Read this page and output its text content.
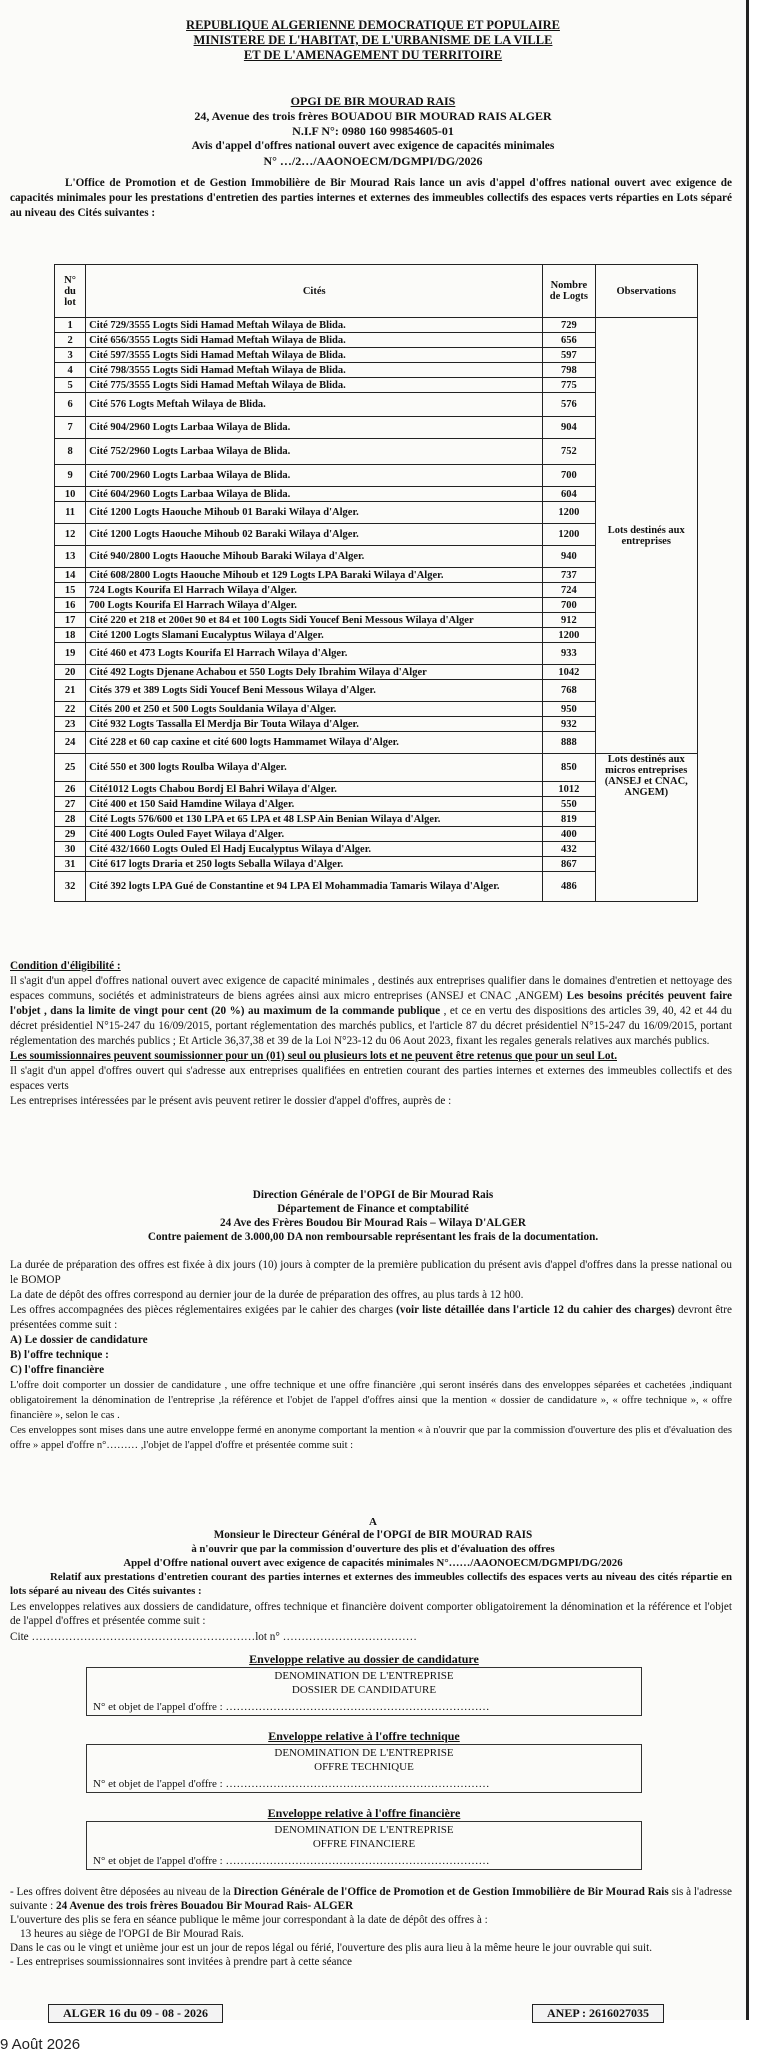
REPUBLIQUE ALGERIENNE DEMOCRATIQUE ET POPULAIRE
MINISTERE DE L'HABITAT, DE L'URBANISME DE LA VILLE
ET DE L'AMENAGEMENT DU TERRITOIRE
OPGI DE BIR MOURAD RAIS
24, Avenue des trois frères BOUADOU BIR MOURAD RAIS ALGER
N.I.F N°: 0980 160 99854605-01
Avis d'appel d'offres national ouvert avec exigence de capacités minimales
N° …/2…/AAONOECM/DGMPI/DG/2026
L'Office de Promotion et de Gestion Immobilière de Bir Mourad Rais lance un avis d'appel d'offres national ouvert avec exigence de capacités minimales pour les prestations d'entretien des parties internes et externes des immeubles collectifs des espaces verts réparties en Lots séparé au niveau des Cités suivantes :
N° du lot	Cités	Nombre de Logts	Observations
1	Cité 729/3555 Logts Sidi Hamad Meftah Wilaya de Blida.	729	Lots destinés aux entreprises
2	Cité 656/3555 Logts Sidi Hamad Meftah Wilaya de Blida.	656	
3	Cité 597/3555 Logts Sidi Hamad Meftah Wilaya de Blida.	597	
4	Cité 798/3555 Logts Sidi Hamad Meftah Wilaya de Blida.	798	
5	Cité 775/3555 Logts Sidi Hamad Meftah Wilaya de Blida.	775	
6	Cité 576 Logts Meftah Wilaya de Blida.	576	
7	Cité 904/2960 Logts Larbaa Wilaya de Blida.	904	
8	Cité 752/2960 Logts Larbaa Wilaya de Blida.	752	
9	Cité 700/2960 Logts Larbaa Wilaya de Blida.	700	
10	Cité 604/2960 Logts Larbaa Wilaya de Blida.	604	
11	Cité 1200 Logts Haouche Mihoub 01 Baraki Wilaya d'Alger.	1200	
12	Cité 1200 Logts Haouche Mihoub 02 Baraki Wilaya d'Alger.	1200	
13	Cité 940/2800 Logts Haouche Mihoub Baraki Wilaya d'Alger.	940	
14	Cité 608/2800 Logts Haouche Mihoub et 129 Logts LPA Baraki Wilaya d'Alger.	737	
15	724 Logts Kourifa El Harrach Wilaya d'Alger.	724	
16	700 Logts Kourifa El Harrach Wilaya d'Alger.	700	
17	Cité 220 et 218 et 200et 90 et 84 et 100 Logts Sidi Youcef Beni Messous Wilaya d'Alger	912	
18	Cité 1200 Logts Slamani Eucalyptus Wilaya d'Alger.	1200	
19	Cité 460 et 473 Logts Kourifa El Harrach Wilaya d'Alger.	933	
20	Cité 492 Logts Djenane Achabou et 550 Logts Dely Ibrahim Wilaya d'Alger	1042	
21	Cités 379 et 389 Logts Sidi Youcef Beni Messous Wilaya d'Alger.	768	
22	Cités 200 et 250 et 500 Logts Souldania Wilaya d'Alger.	950	
23	Cité 932 Logts Tassalla El Merdja Bir Touta Wilaya d'Alger.	932	
24	Cité 228 et 60 cap caxine et cité 600 logts Hammamet Wilaya d'Alger.	888	
25	Cité 550 et 300 logts Roulba Wilaya d'Alger.	850	Lots destinés aux micros entreprises (ANSEJ et CNAC, ANGEM)
26	Cité1012 Logts Chabou Bordj El Bahri Wilaya d'Alger.	1012	
27	Cité 400 et 150 Said Hamdine Wilaya d'Alger.	550	
28	Cité Logts 576/600 et 130 LPA et 65 LPA et 48 LSP Ain Benian Wilaya d'Alger.	819	
29	Cité 400 Logts Ouled Fayet Wilaya d'Alger.	400	
30	Cité 432/1660 Logts Ouled El Hadj Eucalyptus Wilaya d'Alger.	432	
31	Cité 617 logts Draria et 250 logts Seballa Wilaya d'Alger.	867	
32	Cité 392 logts LPA Gué de Constantine et 94 LPA El Mohammadia Tamaris Wilaya d'Alger.	486	
Condition d'éligibilité :
Il s'agit d'un appel d'offres national ouvert avec exigence de capacité minimales , destinés aux entreprises qualifier dans le domaines d'entretien et nettoyage des espaces communs, sociétés et administrateurs de biens agrées ainsi aux micro entreprises (ANSEJ et CNAC ,ANGEM) Les besoins précités peuvent faire l'objet , dans la limite de vingt pour cent (20 %) au maximum de la commande publique , et ce en vertu des dispositions des articles 39, 40, 42 et 44 du décret présidentiel N°15-247 du 16/09/2015, portant réglementation des marchés publics, et l'article 87 du décret présidentiel N°15-247 du 16/09/2015, portant réglementation des marchés publics ; Et Article 36,37,38 et 39 de la Loi N°23-12 du 06 Aout 2023, fixant les regales generals relatives aux marchés publics.
Les soumissionnaires peuvent soumissionner pour un (01) seul ou plusieurs lots et ne peuvent être retenus que pour un seul Lot.
Il s'agit d'un appel d'offres ouvert qui s'adresse aux entreprises qualifiées en entretien courant des parties internes et externes des immeubles collectifs et des espaces verts
Les entreprises intéressées par le présent avis peuvent retirer le dossier d'appel d'offres, auprès de :
Direction Générale de l'OPGI de Bir Mourad Rais
Département de Finance et comptabilité
24 Ave des Frères Boudou Bir Mourad Rais – Wilaya D'ALGER
Contre paiement de 3.000,00 DA non remboursable représentant les frais de la documentation.
La durée de préparation des offres est fixée à dix jours (10) jours à compter de la première publication du présent avis d'appel d'offres dans la presse national ou le BOMOP
La date de dépôt des offres correspond au dernier jour de la durée de préparation des offres, au plus tards à 12 h00.
Les offres accompagnées des pièces réglementaires exigées par le cahier des charges (voir liste détaillée dans l'article 12 du cahier des charges) devront être présentées comme suit :
A) Le dossier de candidature
B) l'offre technique :
C) l'offre financière
L'offre doit comporter un dossier de candidature , une offre technique et une offre financière ,qui seront insérés dans des enveloppes séparées et cachetées ,indiquant obligatoirement la dénomination de l'entreprise ,la référence et l'objet de l'appel d'offres ainsi que la mention « dossier de candidature », « offre technique », « offre financière », selon le cas .
Ces enveloppes sont mises dans une autre enveloppe fermé en anonyme comportant la mention « à n'ouvrir que par la commission d'ouverture des plis et d'évaluation des offre » appel d'offre n°……… ,l'objet de l'appel d'offre et présentée comme suit :
A
Monsieur le Directeur Général de l'OPGI de BIR MOURAD RAIS
à n'ouvrir que par la commission d'ouverture des plis et d'évaluation des offres
Appel d'Offre national ouvert avec exigence de capacités minimales N°……/AAONOECM/DGMPI/DG/2026
Relatif aux prestations d'entretien courant des parties internes et externes des immeubles collectifs des espaces verts au niveau des cités répartie en lots séparé au niveau des Cités suivantes :
Les enveloppes relatives aux dossiers de candidature, offres technique et financière doivent comporter obligatoirement la dénomination et la référence et l'objet de l'appel d'offres et présentée comme suit :
Cite ……………………………………………………lot n° ………………………………
Enveloppe relative au dossier de candidature
DENOMINATION DE L'ENTREPRISE
DOSSIER DE CANDIDATURE
N° et objet de l'appel d'offre : ………………………………………………………………
Enveloppe relative à l'offre technique
DENOMINATION DE L'ENTREPRISE
OFFRE TECHNIQUE
N° et objet de l'appel d'offre : ………………………………………………………………
Enveloppe relative à l'offre financière
DENOMINATION DE L'ENTREPRISE
OFFRE FINANCIERE
N° et objet de l'appel d'offre : ………………………………………………………………
- Les offres doivent être déposées au niveau de la Direction Générale de l'Office de Promotion et de Gestion Immobilière de Bir Mourad Rais sis à l'adresse suivante : 24 Avenue des trois frères Bouadou Bir Mourad Rais- ALGER
L'ouverture des plis se fera en séance publique le même jour correspondant à la date de dépôt des offres à :
13 heures au siège de l'OPGI de Bir Mourad Rais.
Dans le cas ou le vingt et unième jour est un jour de repos légal ou férié, l'ouverture des plis aura lieu à la même heure le jour ouvrable qui suit.
- Les entreprises soumissionnaires sont invitées à prendre part à cette séance
ALGER 16 du 09 - 08 - 2026	ANEP : 2616027035
9 Août 2026
